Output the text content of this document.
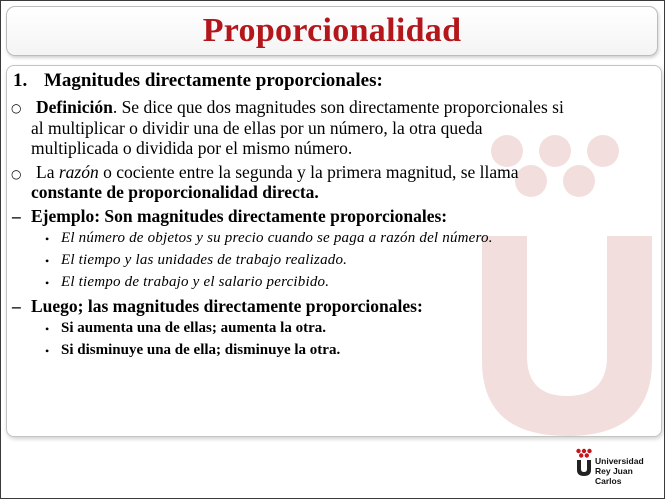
Proporcionalidad
1. Magnitudes directamente proporcionales:
○ Definición. Se dice que dos magnitudes son directamente proporcionales si
al multiplicar o dividir una de ellas por un número, la otra queda
multiplicada o dividida por el mismo número.
○ La razón o cociente entre la segunda y la primera magnitud, se llama
constante de proporcionalidad directa.
– Ejemplo: Son magnitudes directamente proporcionales:
• El número de objetos y su precio cuando se paga a razón del número.
• El tiempo y las unidades de trabajo realizado.
• El tiempo de trabajo y el salario percibido.
– Luego; las magnitudes directamente proporcionales:
• Si aumenta una de ellas; aumenta la otra.
• Si disminuye una de ella; disminuye la otra.
Universidad
Rey Juan Carlos
